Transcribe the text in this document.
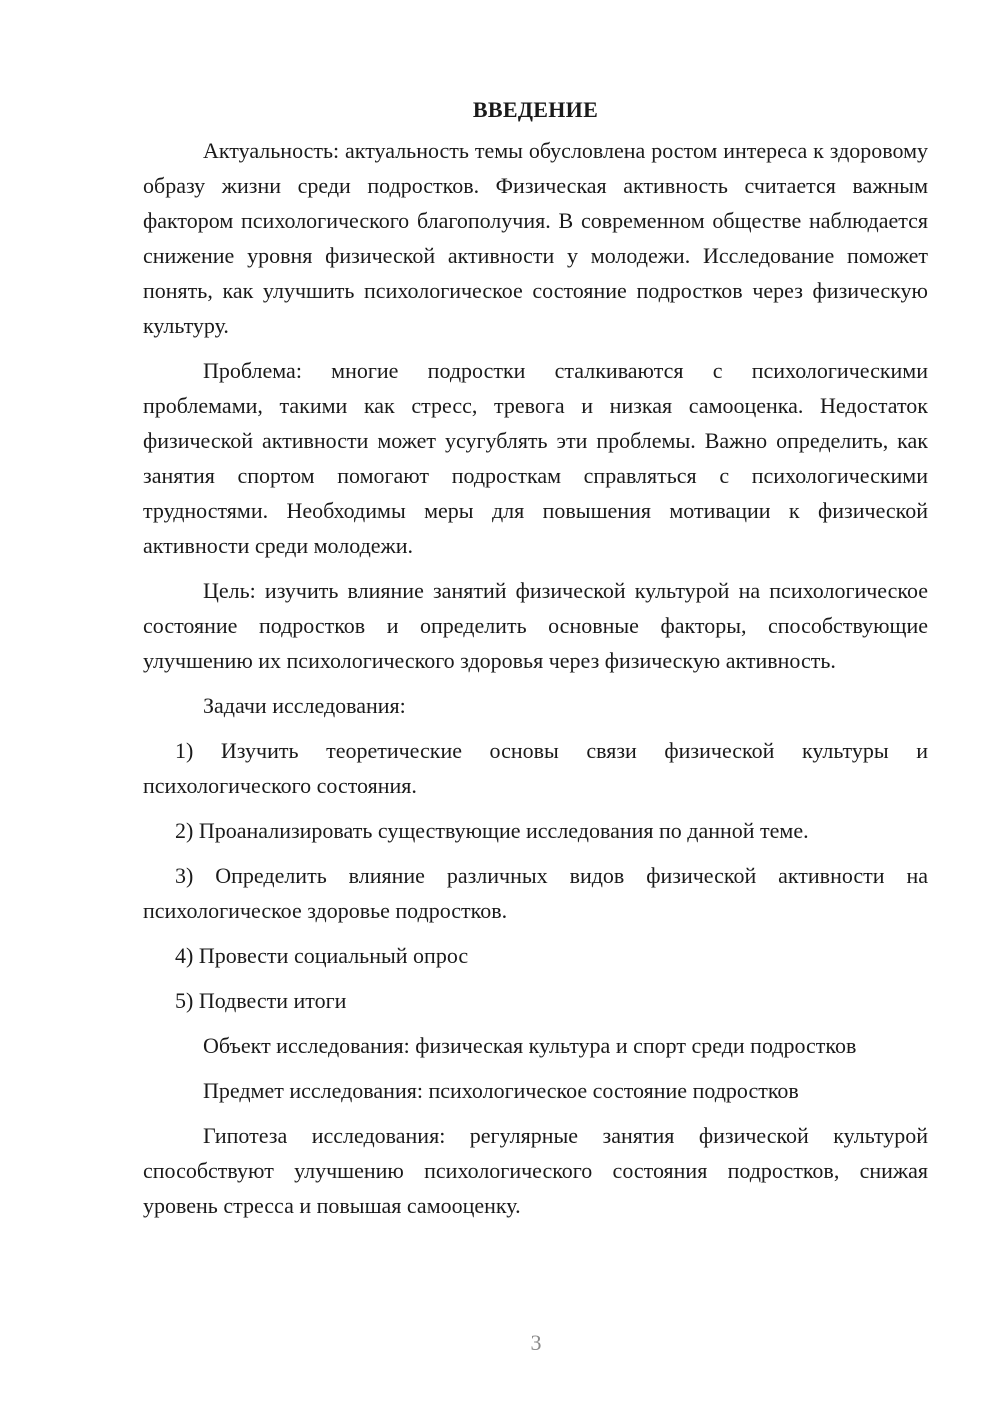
ВВЕДЕНИЕ

Актуальность: актуальность темы обусловлена ростом интереса к здоровому образу жизни среди подростков. Физическая активность считается важным фактором психологического благополучия. В современном обществе наблюдается снижение уровня физической активности у молодежи. Исследование поможет понять, как улучшить психологическое состояние подростков через физическую культуру.

Проблема: многие подростки сталкиваются с психологическими проблемами, такими как стресс, тревога и низкая самооценка. Недостаток физической активности может усугублять эти проблемы. Важно определить, как занятия спортом помогают подросткам справляться с психологическими трудностями. Необходимы меры для повышения мотивации к физической активности среди молодежи.

Цель: изучить влияние занятий физической культурой на психологическое состояние подростков и определить основные факторы, способствующие улучшению их психологического здоровья через физическую активность.

Задачи исследования:

1) Изучить теоретические основы связи физической культуры и психологического состояния.

2) Проанализировать существующие исследования по данной теме.

3) Определить влияние различных видов физической активности на психологическое здоровье подростков.

4) Провести социальный опрос

5) Подвести итоги

Объект исследования: физическая культура и спорт среди подростков

Предмет исследования: психологическое состояние подростков

Гипотеза исследования: регулярные занятия физической культурой способствуют улучшению психологического состояния подростков, снижая уровень стресса и повышая самооценку.

3
